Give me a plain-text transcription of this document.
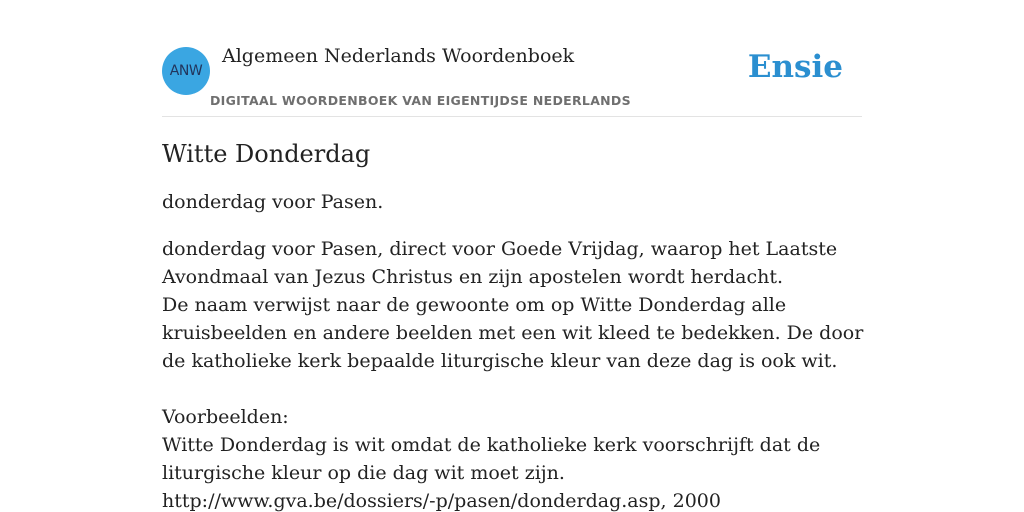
ANW
Algemeen Nederlands Woordenboek
DIGITAAL WOORDENBOEK VAN EIGENTIJDSE NEDERLANDS
Ensie
Witte Donderdag

donderdag voor Pasen.

donderdag voor Pasen, direct voor Goede Vrijdag, waarop het Laatste Avondmaal van Jezus Christus en zijn apostelen wordt herdacht.
De naam verwijst naar de gewoonte om op Witte Donderdag alle kruisbeelden en andere beelden met een wit kleed te bedekken. De door de katholieke kerk bepaalde liturgische kleur van deze dag is ook wit.
Voorbeelden:
Witte Donderdag is wit omdat de katholieke kerk voorschrijft dat de liturgische kleur op die dag wit moet zijn.
http://www.gva.be/dossiers/-p/pasen/donderdag.asp, 2000
